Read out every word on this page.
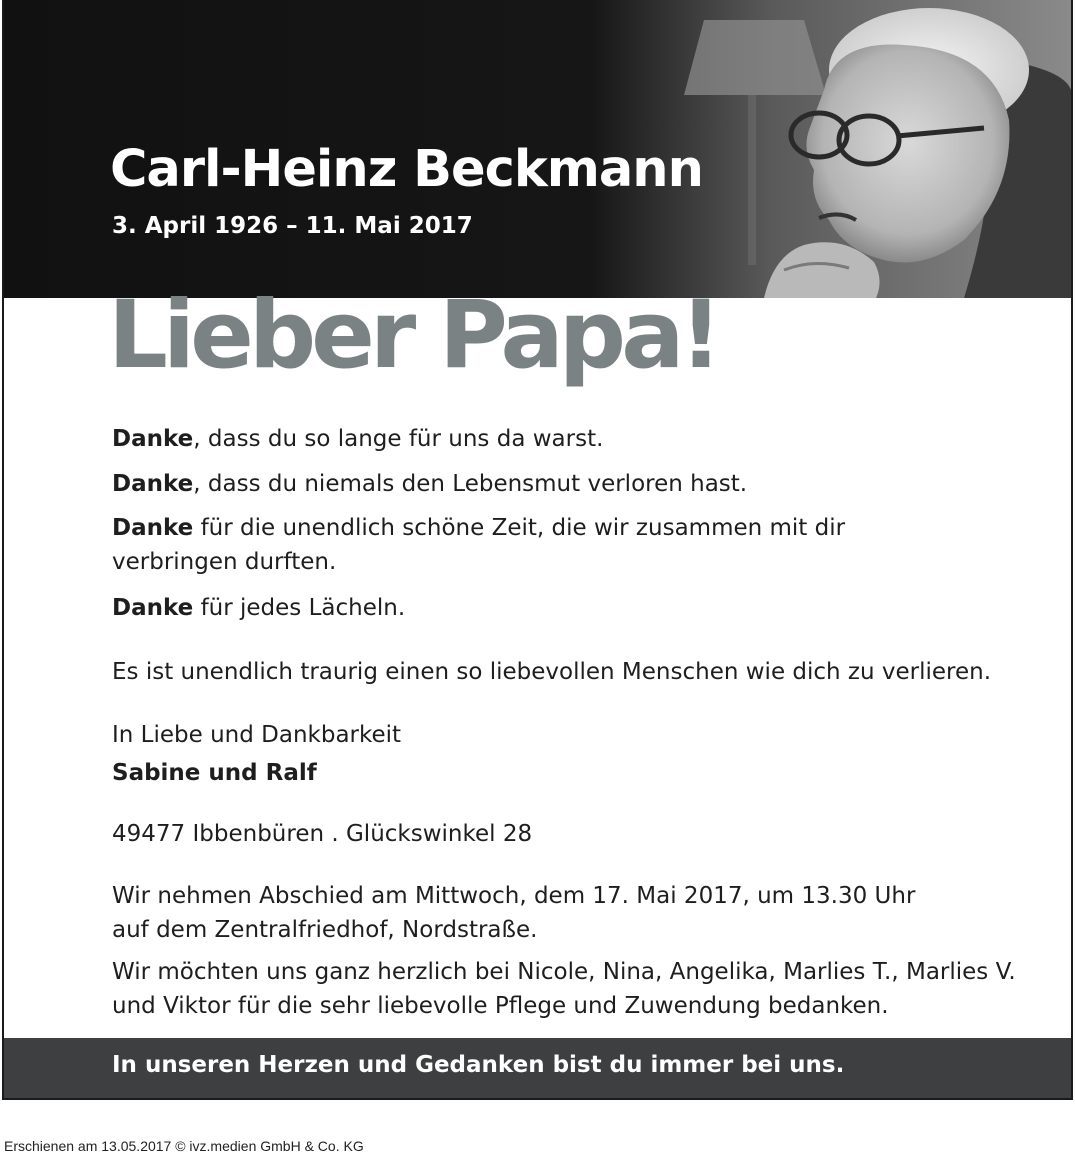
Carl-Heinz Beckmann
3. April 1926 – 11. Mai 2017
Lieber Papa!

Danke, dass du so lange für uns da warst.

Danke, dass du niemals den Lebensmut verloren hast.

Danke für die unendlich schöne Zeit, die wir zusammen mit dir
verbringen durften.

Danke für jedes Lächeln.

Es ist unendlich traurig einen so liebevollen Menschen wie dich zu verlieren.

In Liebe und Dankbarkeit

Sabine und Ralf

49477 Ibbenbüren . Glückswinkel 28

Wir nehmen Abschied am Mittwoch, dem 17. Mai 2017, um 13.30 Uhr
auf dem Zentralfriedhof, Nordstraße.

Wir möchten uns ganz herzlich bei Nicole, Nina, Angelika, Marlies T., Marlies V.
und Viktor für die sehr liebevolle Pflege und Zuwendung bedanken.

In unseren Herzen und Gedanken bist du immer bei uns.
Erschienen am 13.05.2017 © ivz.medien GmbH & Co. KG
